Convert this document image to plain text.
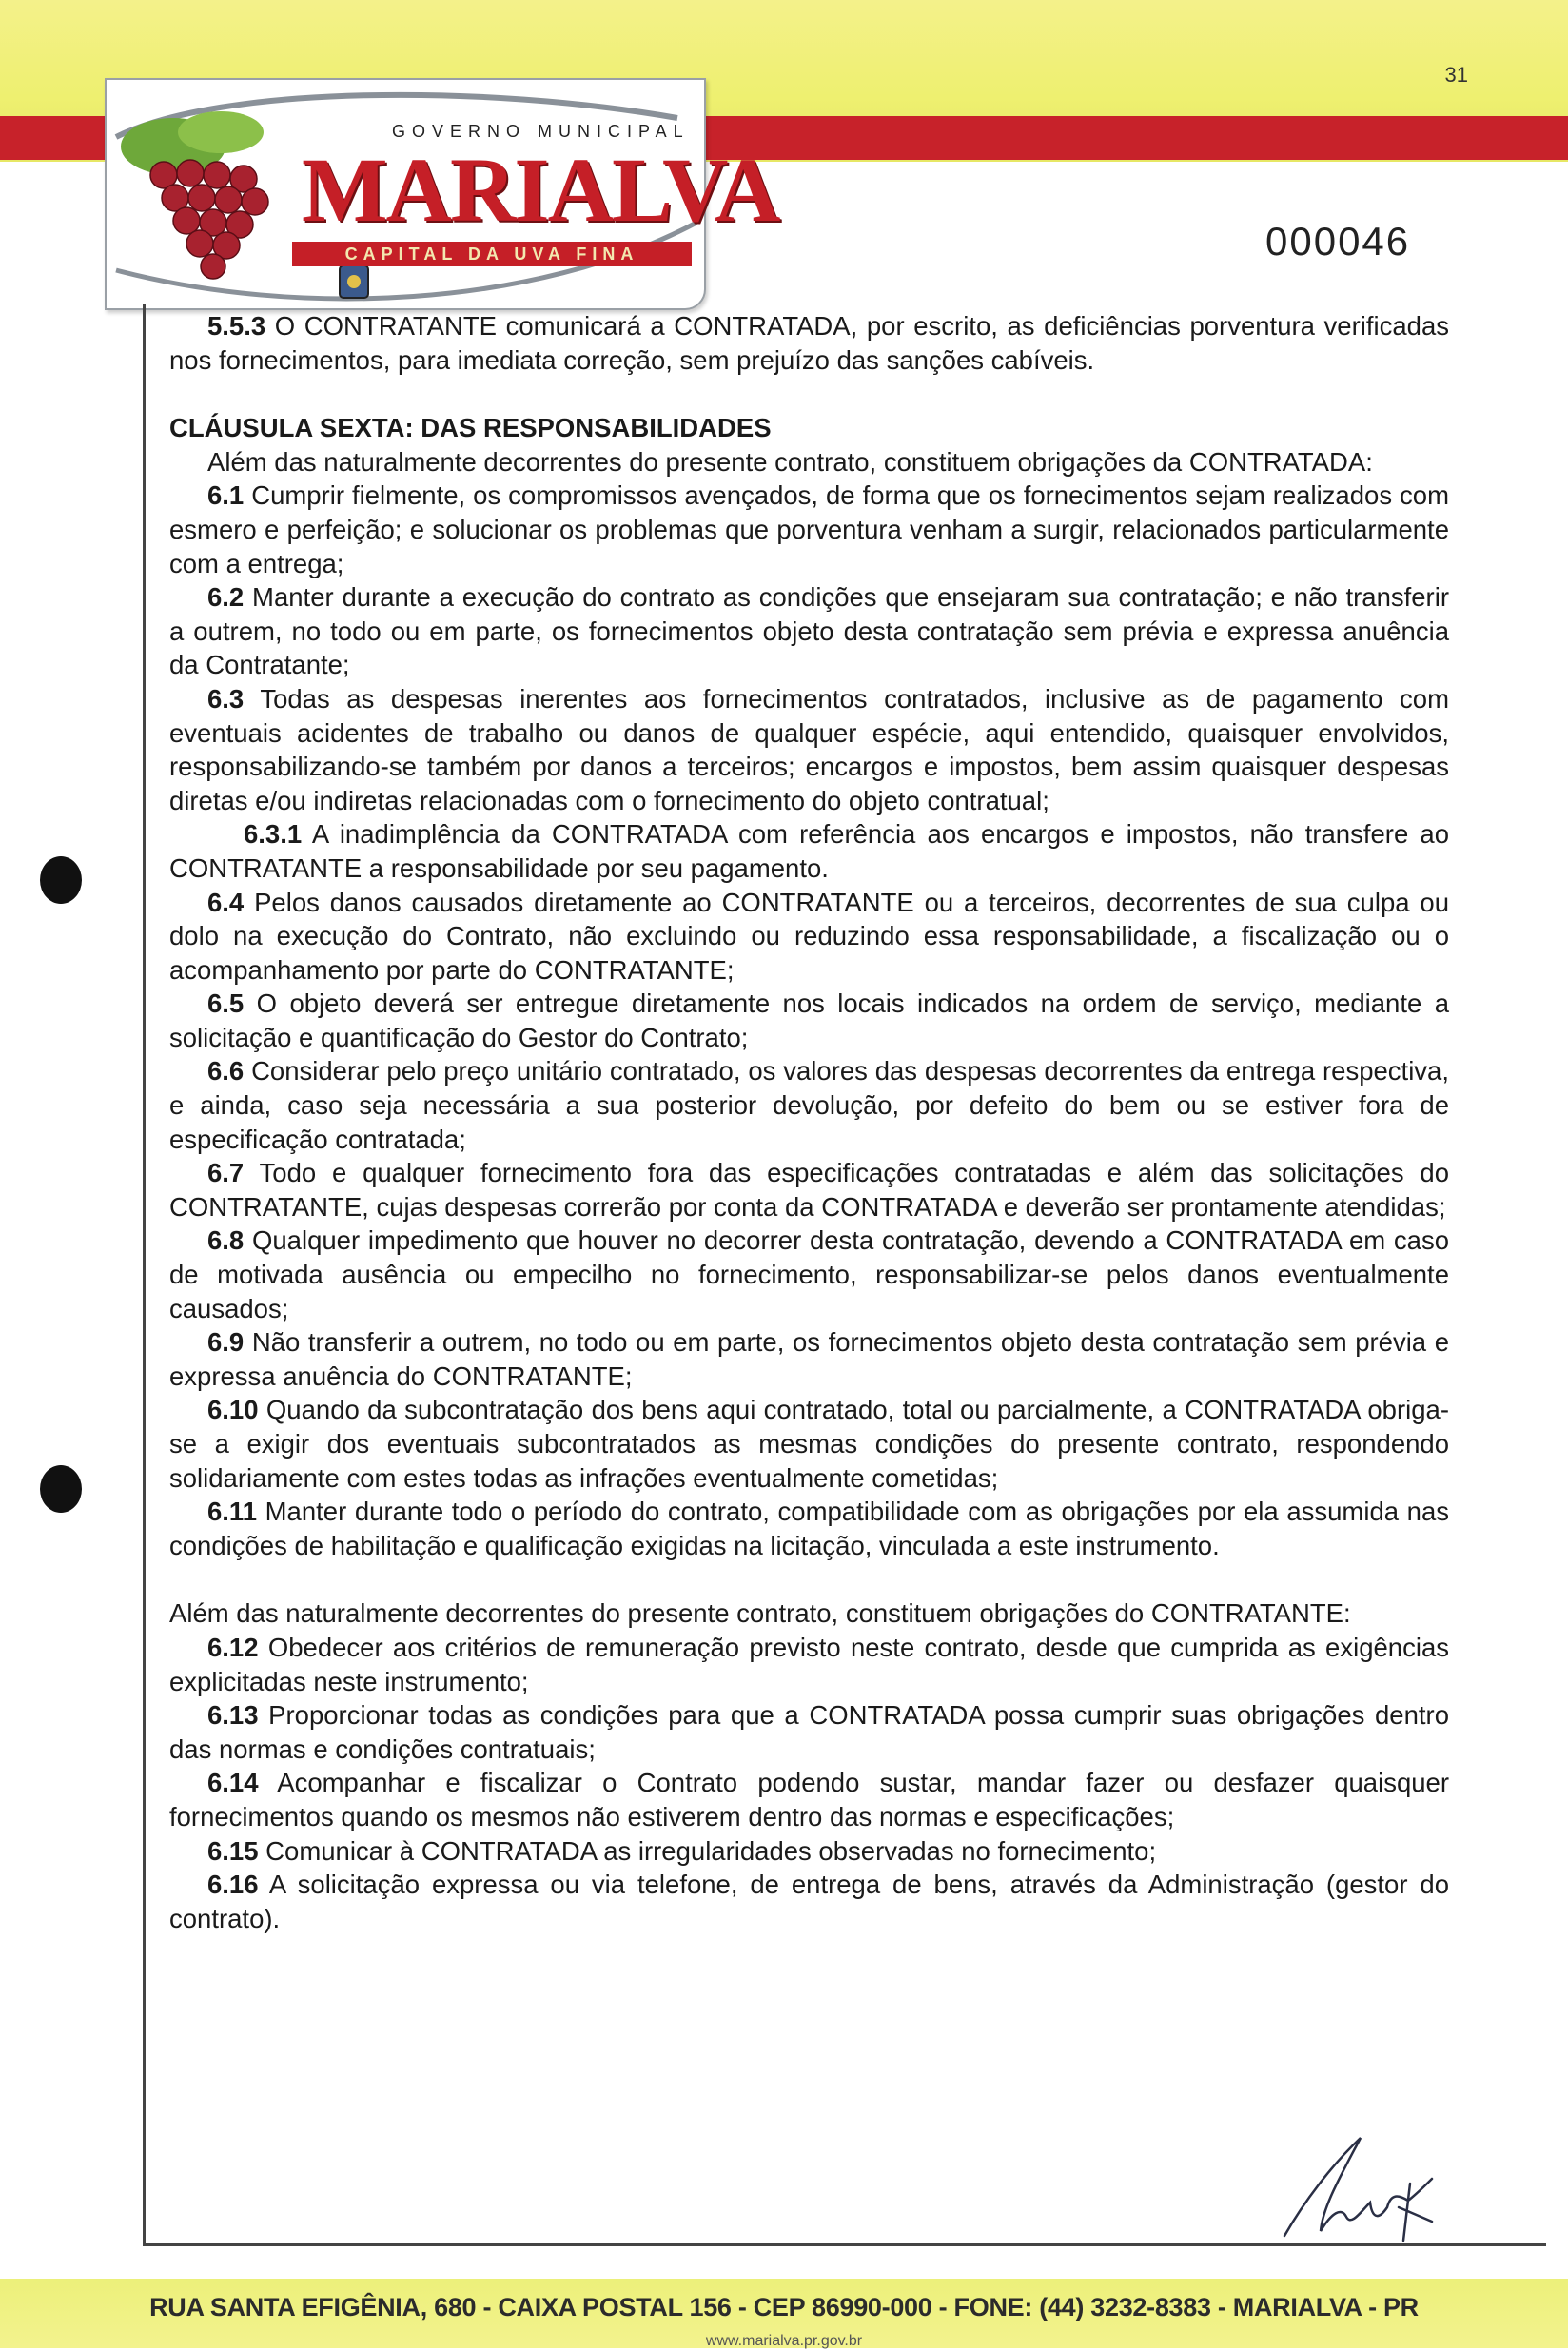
31
GOVERNO MUNICIPAL
MARIALVA
CAPITAL DA UVA FINA	000046

5.5.3 O CONTRATANTE comunicará a CONTRATADA, por escrito, as deficiências porventura verificadas nos fornecimentos, para imediata correção, sem prejuízo das sanções cabíveis.

CLÁUSULA SEXTA: DAS RESPONSABILIDADES

Além das naturalmente decorrentes do presente contrato, constituem obrigações da CONTRATADA:

6.1 Cumprir fielmente, os compromissos avençados, de forma que os fornecimentos sejam realizados com esmero e perfeição; e solucionar os problemas que porventura venham a surgir, relacionados particularmente com a entrega;

6.2 Manter durante a execução do contrato as condições que ensejaram sua contratação; e não transferir a outrem, no todo ou em parte, os fornecimentos objeto desta contratação sem prévia e expressa anuência da Contratante;

6.3 Todas as despesas inerentes aos fornecimentos contratados, inclusive as de pagamento com eventuais acidentes de trabalho ou danos de qualquer espécie, aqui entendido, quaisquer envolvidos, responsabilizando-se também por danos a terceiros; encargos e impostos, bem assim quaisquer despesas diretas e/ou indiretas relacionadas com o fornecimento do objeto contratual;

6.3.1 A inadimplência da CONTRATADA com referência aos encargos e impostos, não transfere ao CONTRATANTE a responsabilidade por seu pagamento.

6.4 Pelos danos causados diretamente ao CONTRATANTE ou a terceiros, decorrentes de sua culpa ou dolo na execução do Contrato, não excluindo ou reduzindo essa responsabilidade, a fiscalização ou o acompanhamento por parte do CONTRATANTE;

6.5 O objeto deverá ser entregue diretamente nos locais indicados na ordem de serviço, mediante a solicitação e quantificação do Gestor do Contrato;

6.6 Considerar pelo preço unitário contratado, os valores das despesas decorrentes da entrega respectiva, e ainda, caso seja necessária a sua posterior devolução, por defeito do bem ou se estiver fora de especificação contratada;

6.7 Todo e qualquer fornecimento fora das especificações contratadas e além das solicitações do CONTRATANTE, cujas despesas correrão por conta da CONTRATADA e deverão ser prontamente atendidas;

6.8 Qualquer impedimento que houver no decorrer desta contratação, devendo a CONTRATADA em caso de motivada ausência ou empecilho no fornecimento, responsabilizar-se pelos danos eventualmente causados;

6.9 Não transferir a outrem, no todo ou em parte, os fornecimentos objeto desta contratação sem prévia e expressa anuência do CONTRATANTE;

6.10 Quando da subcontratação dos bens aqui contratado, total ou parcialmente, a CONTRATADA obriga-se a exigir dos eventuais subcontratados as mesmas condições do presente contrato, respondendo solidariamente com estes todas as infrações eventualmente cometidas;

6.11 Manter durante todo o período do contrato, compatibilidade com as obrigações por ela assumida nas condições de habilitação e qualificação exigidas na licitação, vinculada a este instrumento.

Além das naturalmente decorrentes do presente contrato, constituem obrigações do CONTRATANTE:

6.12 Obedecer aos critérios de remuneração previsto neste contrato, desde que cumprida as exigências explicitadas neste instrumento;

6.13 Proporcionar todas as condições para que a CONTRATADA possa cumprir suas obrigações dentro das normas e condições contratuais;

6.14 Acompanhar e fiscalizar o Contrato podendo sustar, mandar fazer ou desfazer quaisquer fornecimentos quando os mesmos não estiverem dentro das normas e especificações;

6.15 Comunicar à CONTRATADA as irregularidades observadas no fornecimento;

6.16 A solicitação expressa ou via telefone, de entrega de bens, através da Administração (gestor do contrato).

RUA SANTA EFIGÊNIA, 680 - CAIXA POSTAL 156 - CEP 86990-000 - FONE: (44) 3232-8383 - MARIALVA - PR
www.marialva.pr.gov.br
